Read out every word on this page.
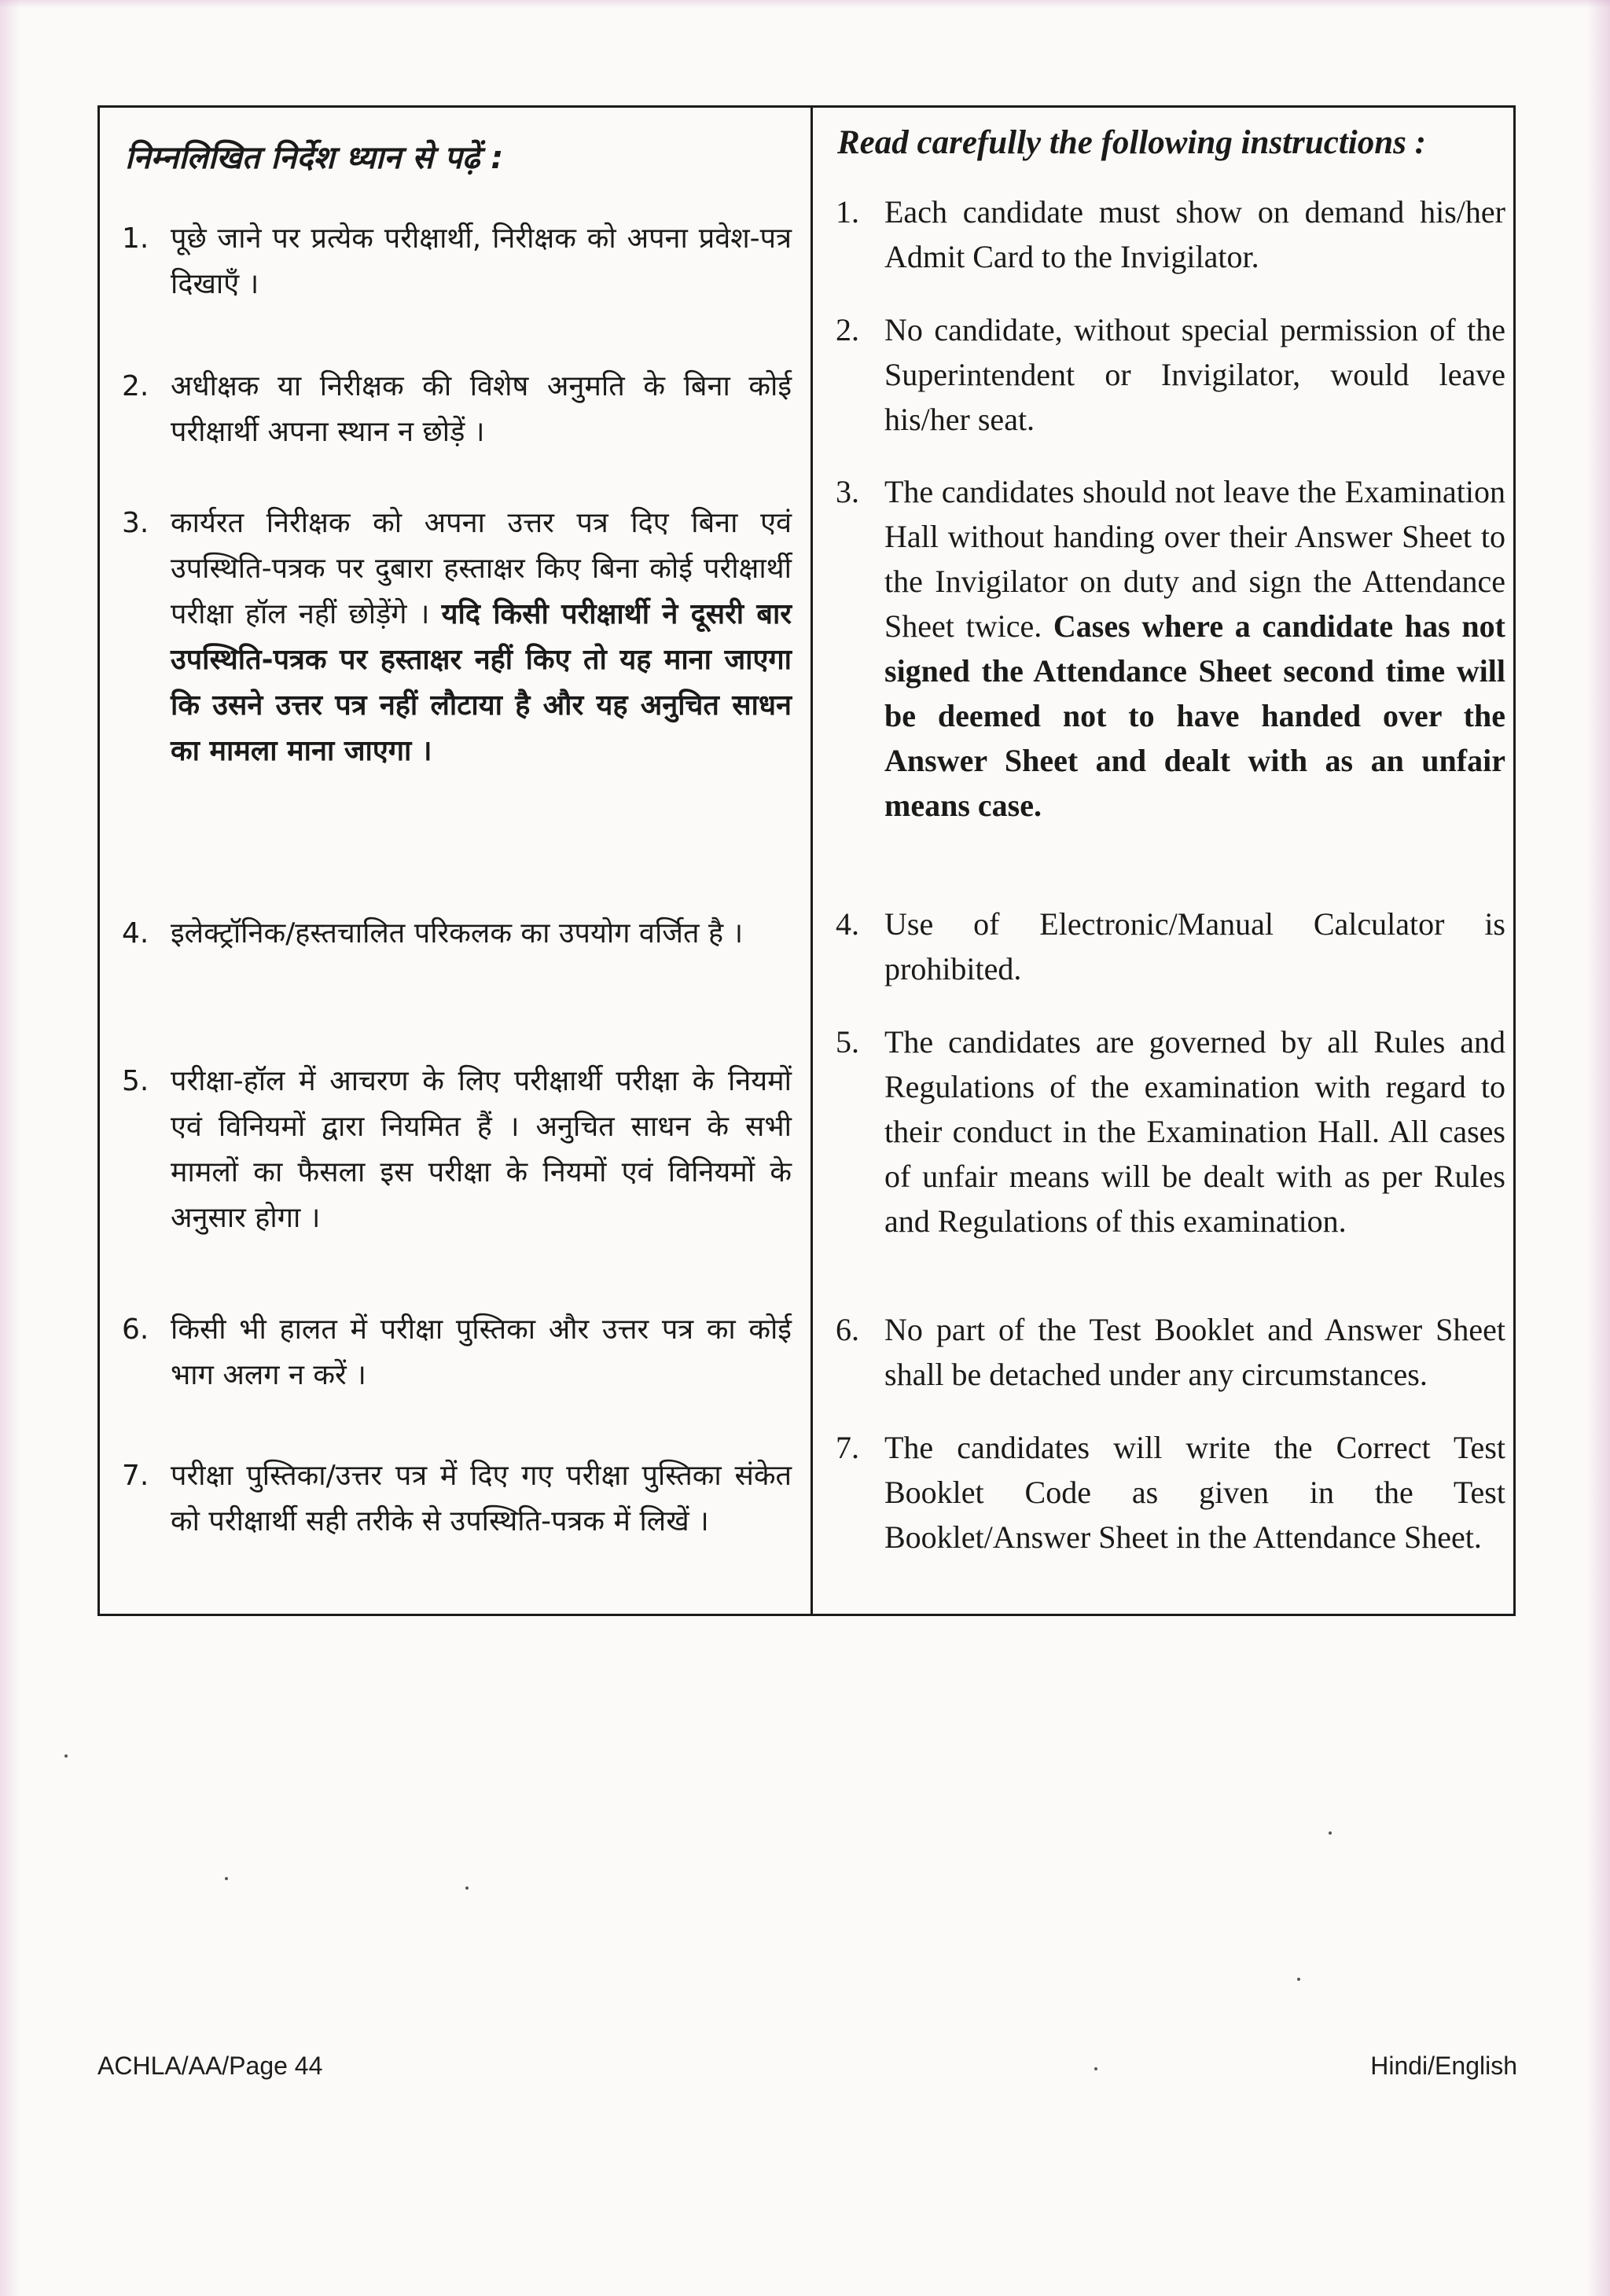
निम्नलिखित निर्देश ध्यान से पढ़ें :
1. पूछे जाने पर प्रत्येक परीक्षार्थी, निरीक्षक को अपना प्रवेश-पत्र दिखाएँ ।
2. अधीक्षक या निरीक्षक की विशेष अनुमति के बिना कोई परीक्षार्थी अपना स्थान न छोड़ें ।
3. कार्यरत निरीक्षक को अपना उत्तर पत्र दिए बिना एवं उपस्थिति-पत्रक पर दुबारा हस्ताक्षर किए बिना कोई परीक्षार्थी परीक्षा हॉल नहीं छोड़ेंगे । यदि किसी परीक्षार्थी ने दूसरी बार उपस्थिति-पत्रक पर हस्ताक्षर नहीं किए तो यह माना जाएगा कि उसने उत्तर पत्र नहीं लौटाया है और यह अनुचित साधन का मामला माना जाएगा ।
4. इलेक्ट्रॉनिक/हस्तचालित परिकलक का उपयोग वर्जित है ।
5. परीक्षा-हॉल में आचरण के लिए परीक्षार्थी परीक्षा के नियमों एवं विनियमों द्वारा नियमित हैं । अनुचित साधन के सभी मामलों का फैसला इस परीक्षा के नियमों एवं विनियमों के अनुसार होगा ।
6. किसी भी हालत में परीक्षा पुस्तिका और उत्तर पत्र का कोई भाग अलग न करें ।
7. परीक्षा पुस्तिका/उत्तर पत्र में दिए गए परीक्षा पुस्तिका संकेत को परीक्षार्थी सही तरीके से उपस्थिति-पत्रक में लिखें ।
Read carefully the following instructions :
1. Each candidate must show on demand his/her Admit Card to the Invigilator.
2. No candidate, without special permission of the Superintendent or Invigilator, would leave his/her seat.
3. The candidates should not leave the Examination Hall without handing over their Answer Sheet to the Invigilator on duty and sign the Attendance Sheet twice. Cases where a candidate has not signed the Attendance Sheet second time will be deemed not to have handed over the Answer Sheet and dealt with as an unfair means case.
4. Use of Electronic/Manual Calculator is prohibited.
5. The candidates are governed by all Rules and Regulations of the examination with regard to their conduct in the Examination Hall. All cases of unfair means will be dealt with as per Rules and Regulations of this examination.
6. No part of the Test Booklet and Answer Sheet shall be detached under any circumstances.
7. The candidates will write the Correct Test Booklet Code as given in the Test Booklet/Answer Sheet in the Attendance Sheet.
ACHLA/AA/Page 44	Hindi/English
